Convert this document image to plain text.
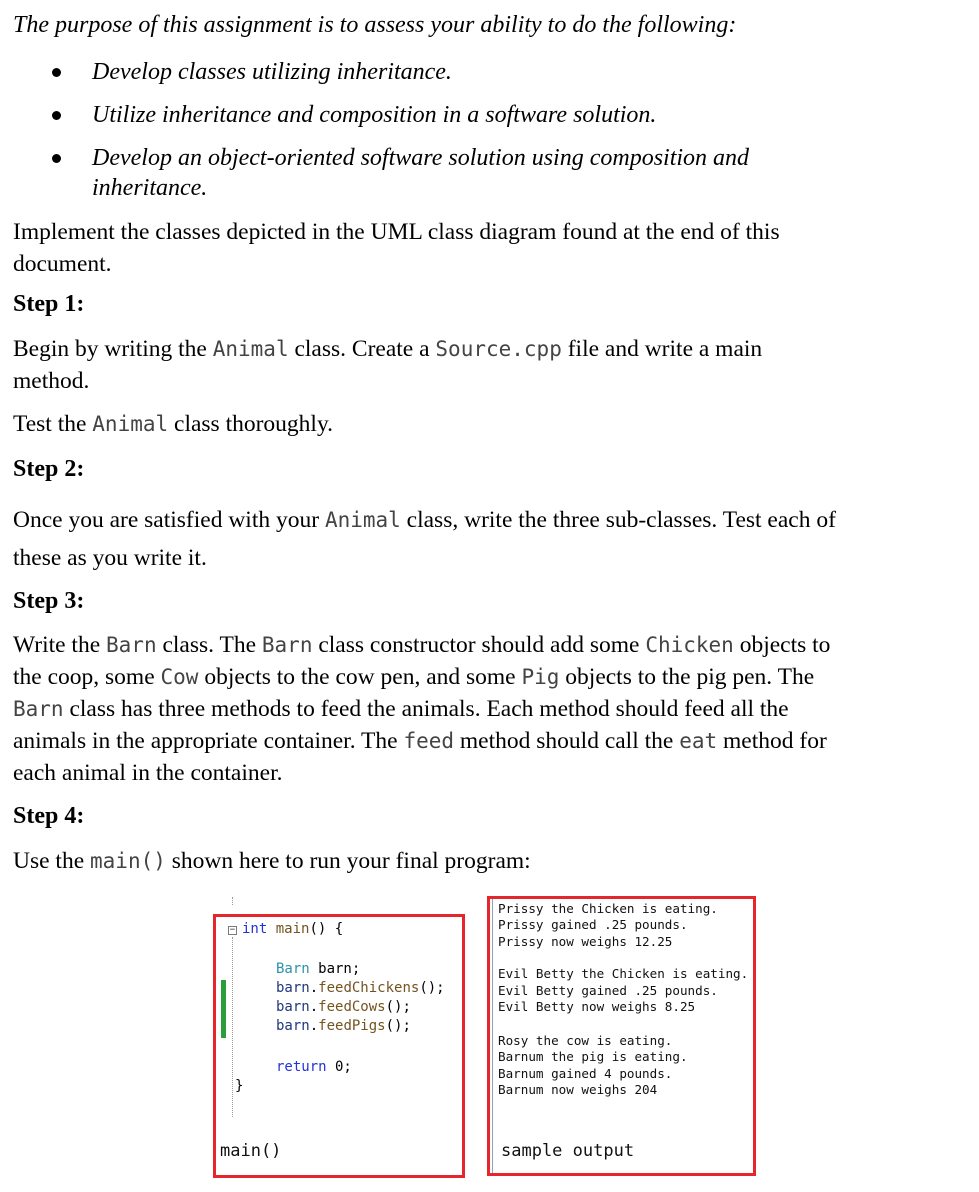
The purpose of this assignment is to assess your ability to do the following:

Develop classes utilizing inheritance.
Utilize inheritance and composition in a software solution.
Develop an object-oriented software solution using composition and
inheritance.
Implement the classes depicted in the UML class diagram found at the end of this
document.
Step 1:
Begin by writing the Animal class. Create a Source.cpp file and write a main
method.
Test the Animal class thoroughly.
Step 2:
Once you are satisfied with your Animal class, write the three sub-classes. Test each of
these as you write it.
Step 3:
Write the Barn class. The Barn class constructor should add some Chicken objects to
the coop, some Cow objects to the cow pen, and some Pig objects to the pig pen. The
Barn class has three methods to feed the animals. Each method should feed all the
animals in the appropriate container. The feed method should call the eat method for
each animal in the container.
Step 4:
Use the main() shown here to run your final program:
− int main() {
Barn barn;
barn.feedChickens();
barn.feedCows();
barn.feedPigs();
return 0;
}
main()
Prissy the Chicken is eating.
Prissy gained .25 pounds.
Prissy now weighs 12.25
Evil Betty the Chicken is eating.
Evil Betty gained .25 pounds.
Evil Betty now weighs 8.25
Rosy the cow is eating.
Barnum the pig is eating.
Barnum gained 4 pounds.
Barnum now weighs 204
sample output
